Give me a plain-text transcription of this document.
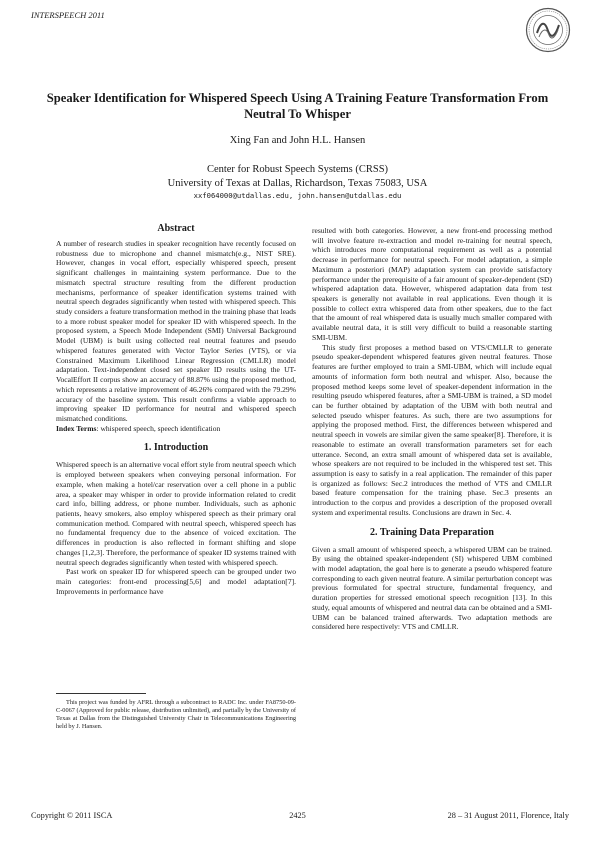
INTERSPEECH 2011
Speaker Identification for Whispered Speech Using A Training Feature Transformation From Neutral To Whisper
Xing Fan and John H.L. Hansen
Center for Robust Speech Systems (CRSS)
University of Texas at Dallas, Richardson, Texas 75083, USA
xxf064000@utdallas.edu, john.hansen@utdallas.edu
Abstract

A number of research studies in speaker recognition have recently focused on robustness due to microphone and channel mismatch(e.g., NIST SRE). However, changes in vocal effort, especially whispered speech, present significant challenges in maintaining system performance. Due to the mismatch spectral structure resulting from the different production mechanisms, performance of speaker identification systems trained with neutral speech degrades significantly when tested with whispered speech. This study considers a feature transformation method in the training phase that leads to a more robust speaker model for speaker ID with whispered speech. In the proposed system, a Speech Mode Independent (SMI) Universal Background Model (UBM) is built using collected real neutral features and pseudo whispered features generated with Vector Taylor Series (VTS), or via Constrained Maximum Likelihood Linear Regression (CMLLR) model adaptation. Text-independent closed set speaker ID results using the UT-VocalEffort II corpus show an accuracy of 88.87% using the proposed method, which represents a relative improvement of 46.26% compared with the 79.29% accuracy of the baseline system. This result confirms a viable approach to improving speaker ID performance for neutral and whispered speech mismatched conditions.

Index Terms: whispered speech, speech identification

1. Introduction

Whispered speech is an alternative vocal effort style from neutral speech which is employed between speakers when conveying personal information. For example, when making a hotel/car reservation over a cell phone in a public area, a speaker may whisper in order to provide information related to credit card info, billing address, or phone number. Individuals, such as aphonic patients, heavy smokers, also employ whispered speech as their primary oral communication method. Compared with neutral speech, whispered speech has no fundamental frequency due to the absence of voiced excitation. The differences in production is also reflected in formant shifting and slope changes [1,2,3]. Therefore, the performance of speaker ID systems trained with neutral speech degrades significantly when tested with whispered speech.

Past work on speaker ID for whispered speech can be grouped under two main categories: front-end processing[5,6] and model adaptation[7]. Improvements in performance have

This project was funded by AFRL through a subcontract to RADC Inc. under FA8750-09-C-0067 (Approved for public release, distribution unlimited), and partially by the University of Texas at Dallas from the Distinguished University Chair in Telecommunications Engineering held by J. Hansen.

resulted with both categories. However, a new front-end processing method will involve feature re-extraction and model re-training for neutral speech, which introduces more computational requirement as well as a potential decrease in performance for neutral speech. For model adaptation, a simple Maximum a posteriori (MAP) adaptation system can provide satisfactory performance under the prerequisite of a fair amount of speaker-dependent (SD) whispered adaptation data. However, whispered adaptation data from test speakers is generally not available in real applications. Even though it is possible to collect extra whispered data from other speakers, due to the fact that the amount of real whispered data is usually much smaller compared with available neutral data, it is still very difficult to build a reasonable starting SMI-UBM.

This study first proposes a method based on VTS/CMLLR to generate pseudo speaker-dependent whispered features given neutral features. Those features are further employed to train a SMI-UBM, which will include equal amounts of information form both neutral and whisper. Also, because the proposed method keeps some level of speaker-dependent information in the resulting pseudo whispered features, after a SMI-UBM is trained, a SD model can be further obtained by adaptation of the UBM with both neutral and selected pseudo whisper features. As such, there are two assumptions for applying the proposed method. First, the differences between whispered and neutral speech in vowels are similar given the same speaker[8]. Therefore, it is reasonable to estimate an overall transformation parameters set for each utterance. Second, an extra small amount of whispered data set is available, whose speakers are not required to be included in the whispered test set. This assumption is easy to satisfy in a real application. The remainder of this paper is organized as follows: Sec.2 introduces the method of VTS and CMLLR based feature compensation for the training phase. Sec.3 presents an introduction to the corpus and provides a description of the proposed overall system and experimental results. Conclusions are drawn in Sec. 4.

2. Training Data Preparation

Given a small amount of whispered speech, a whispered UBM can be trained. By using the obtained speaker-independent (SI) whispered UBM combined with model adaptation, the goal here is to generate a pseudo whispered feature corresponding to each given neutral feature. A similar perturbation concept was previous formulated for spectral structure, fundamental frequency, and duration properties for stressed emotional speech recognition [13]. In this study, equal amounts of whispered and neutral data can be obtained and a SMI-UBM can be balanced trained afterwards. Two adaptation methods are considered here respectively: VTS and CMLLR.

Copyright © 2011 ISCA	2425	28 – 31 August 2011, Florence, Italy
